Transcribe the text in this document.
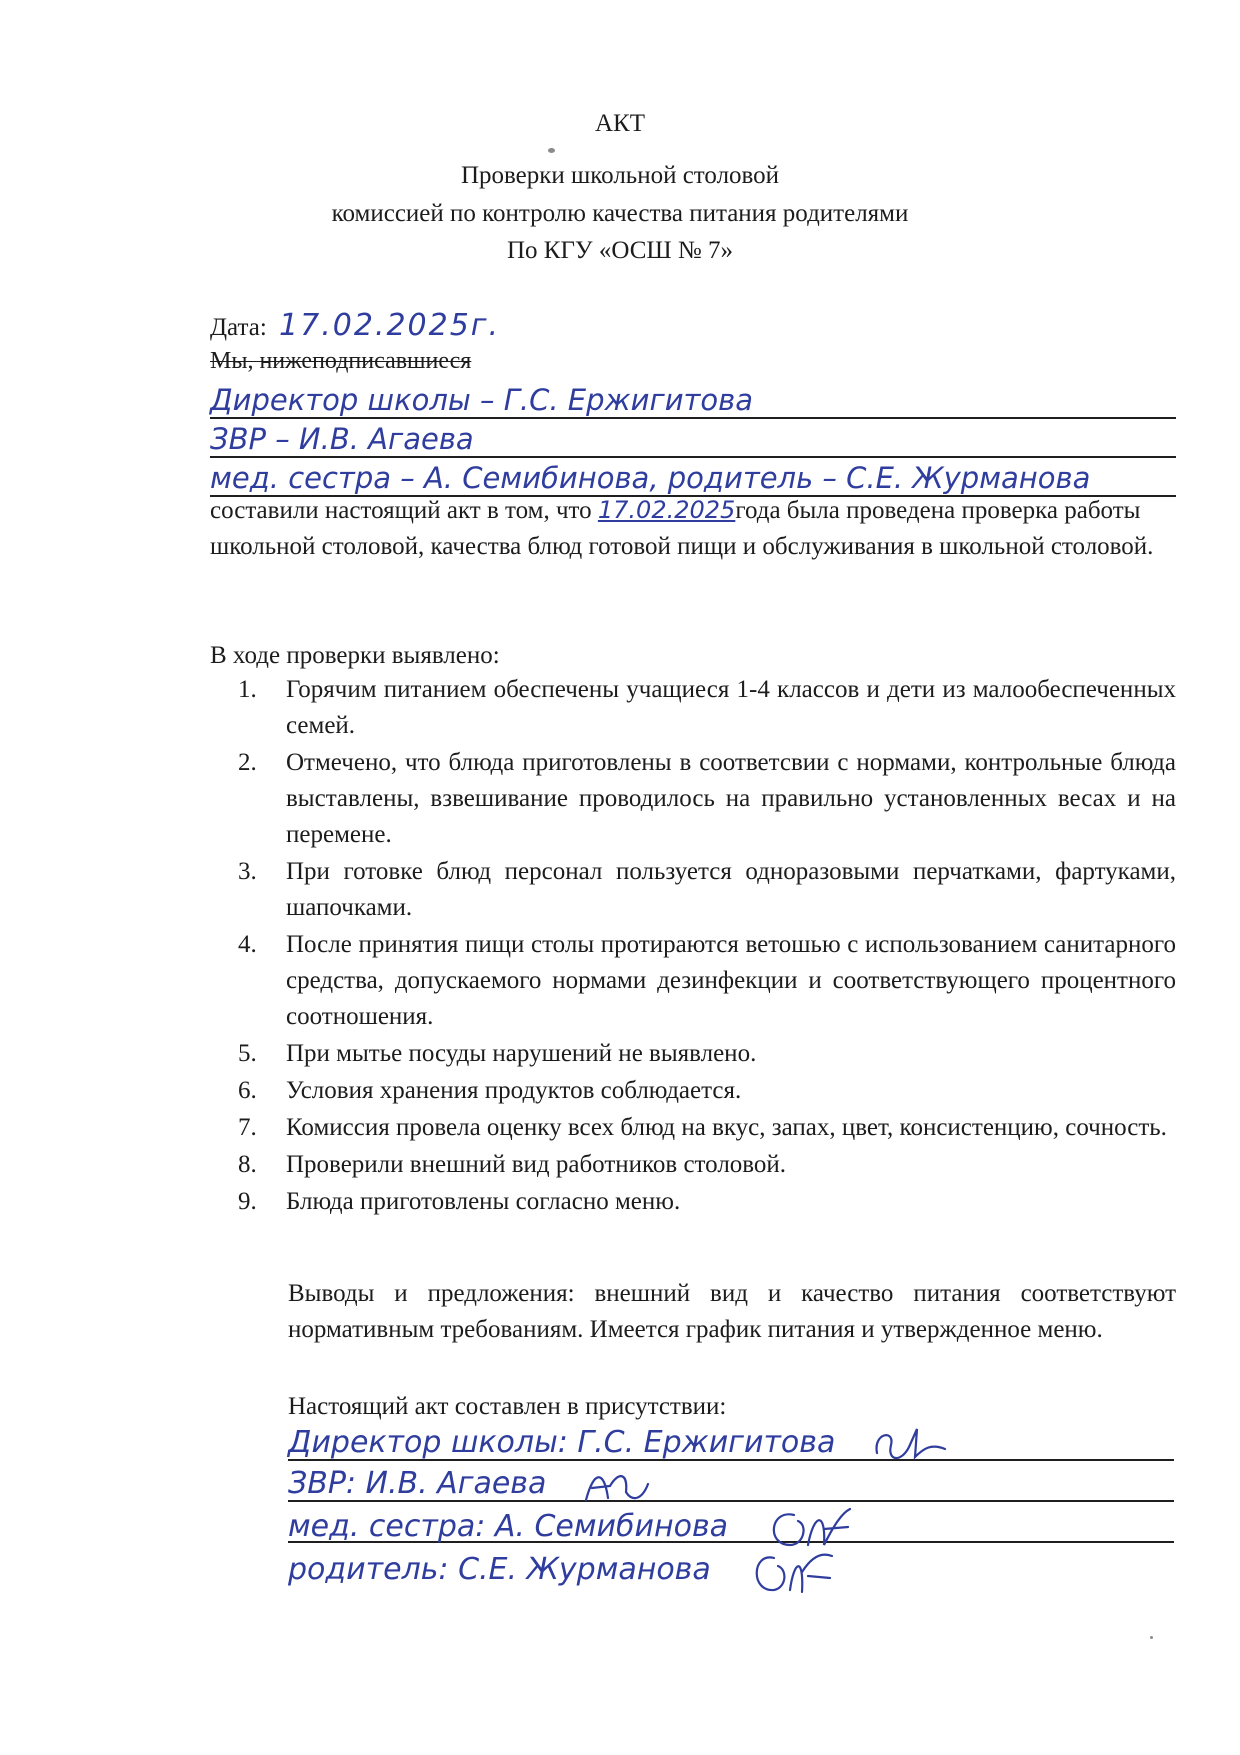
АКТ
Проверки школьной столовой
комиссией по контролю качества питания родителями
По КГУ «ОСШ № 7»
Дата: 17.02.2025г.
Мы, нижеподписавшиеся
Директор школы – Г.С. Ержигитова
ЗВР – И.В. Агаева
мед. сестра – А. Семибинова, родитель – С.Е. Журманова
составили настоящий акт в том, что 17.02.2025года была проведена проверка работы школьной столовой, качества блюд готовой пищи и обслуживания в школьной столовой.
В ходе проверки выявлено:
1. Горячим питанием обеспечены учащиеся 1-4 классов и дети из малообеспеченных семей.
2. Отмечено, что блюда приготовлены в соответсвии с нормами, контрольные блюда выставлены, взвешивание проводилось на правильно установленных весах и на перемене.
3. При готовке блюд персонал пользуется одноразовыми перчатками, фартуками, шапочками.
4. После принятия пищи столы протираются ветошью с использованием санитарного средства, допускаемого нормами дезинфекции и соответствующего процентного соотношения.
5. При мытье посуды нарушений не выявлено.
6. Условия хранения продуктов соблюдается.
7. Комиссия провела оценку всех блюд на вкус, запах, цвет, консистенцию, сочность.
8. Проверили внешний вид работников столовой.
9. Блюда приготовлены согласно меню.
Выводы и предложения: внешний вид и качество питания соответствуют нормативным требованиям. Имеется график питания и утвержденное меню.
Настоящий акт составлен в присутствии:
Директор школы: Г.С. Ержигитова
ЗВР: И.В. Агаева
мед. сестра: А. Семибинова
родитель: С.Е. Журманова
